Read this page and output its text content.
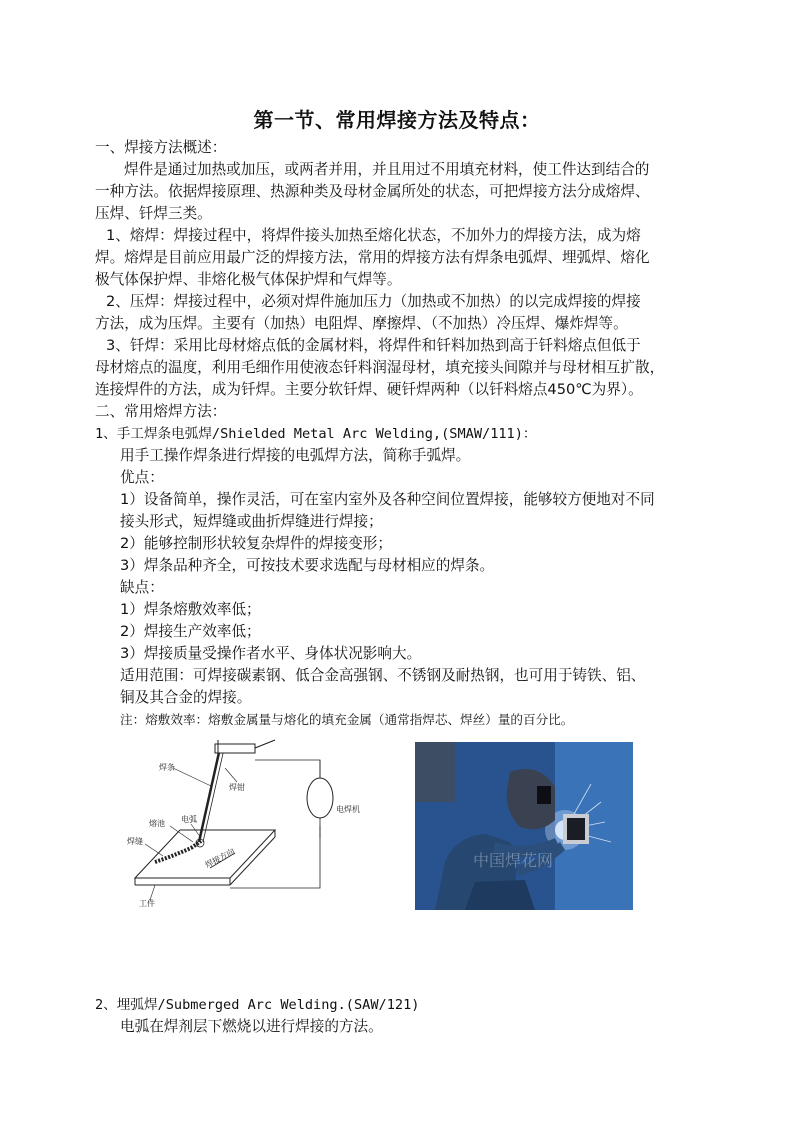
第一节、常用焊接方法及特点：
一、焊接方法概述：
焊件是通过加热或加压，或两者并用，并且用过不用填充材料，使工件达到结合的
一种方法。依据焊接原理、热源种类及母材金属所处的状态，可把焊接方法分成熔焊、
压焊、钎焊三类。
1、熔焊：焊接过程中，将焊件接头加热至熔化状态，不加外力的焊接方法，成为熔
焊。熔焊是目前应用最广泛的焊接方法，常用的焊接方法有焊条电弧焊、埋弧焊、熔化
极气体保护焊、非熔化极气体保护焊和气焊等。
2、压焊：焊接过程中，必须对焊件施加压力（加热或不加热）的以完成焊接的焊接
方法，成为压焊。主要有（加热）电阻焊、摩擦焊、（不加热）冷压焊、爆炸焊等。
3、钎焊：采用比母材熔点低的金属材料，将焊件和钎料加热到高于钎料熔点但低于
母材熔点的温度，利用毛细作用使液态钎料润湿母材，填充接头间隙并与母材相互扩散，
连接焊件的方法，成为钎焊。主要分软钎焊、硬钎焊两种（以钎料熔点450℃为界）。
二、常用熔焊方法：
1、手工焊条电弧焊/Shielded Metal Arc Welding,(SMAW/111)：
用手工操作焊条进行焊接的电弧焊方法，简称手弧焊。
优点：
1）设备简单，操作灵活，可在室内室外及各种空间位置焊接，能够较方便地对不同
接头形式，短焊缝或曲折焊缝进行焊接；
2）能够控制形状较复杂焊件的焊接变形；
3）焊条品种齐全，可按技术要求选配与母材相应的焊条。
缺点：
1）焊条熔敷效率低；
2）焊接生产效率低；
3）焊接质量受操作者水平、身体状况影响大。
适用范围：可焊接碳素钢、低合金高强钢、不锈钢及耐热钢，也可用于铸铁、铝、
铜及其合金的焊接。
注：熔敷效率：熔敷金属量与熔化的填充金属（通常指焊芯、焊丝）量的百分比。
焊条
焊钳
熔池 电弧
焊缝
焊接方向
工件
电焊机
中国焊花网
2、埋弧焊/Submerged Arc Welding.(SAW/121)
电弧在焊剂层下燃烧以进行焊接的方法。
